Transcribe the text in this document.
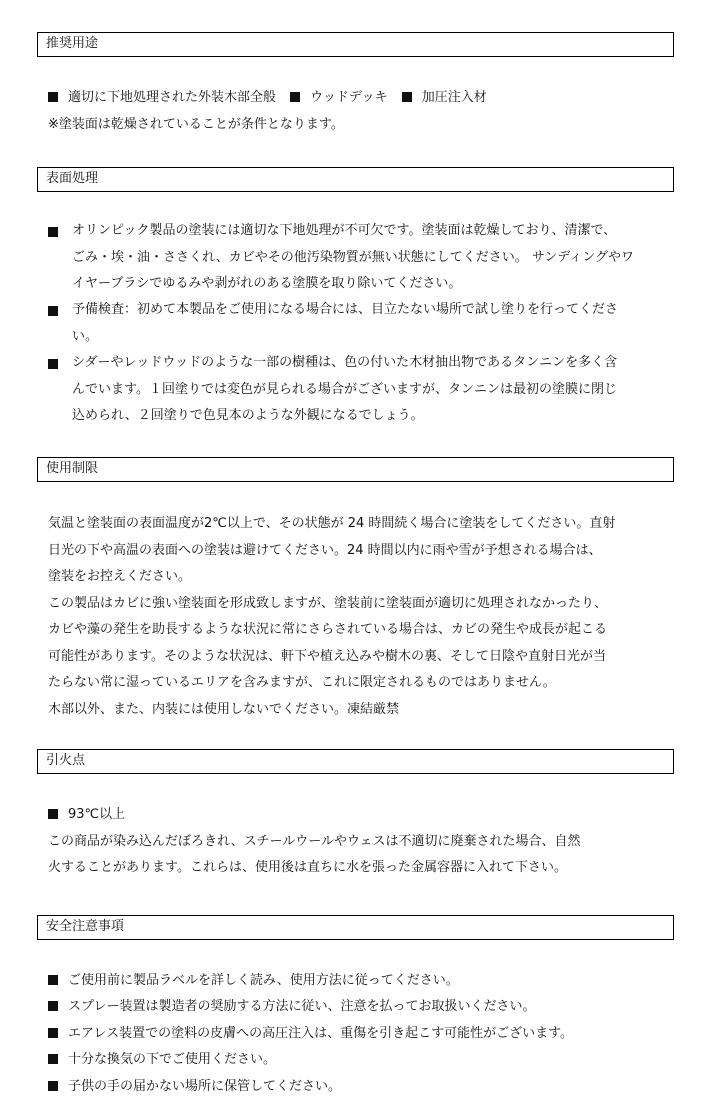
推奨用途
適切に下地処理された外装木部全般	ウッドデッキ	加圧注入材
※塗装面は乾燥されていることが条件となります。
表面処理
オリンピック製品の塗装には適切な下地処理が不可欠です。塗装面は乾燥しており、清潔で、
ごみ・埃・油・ささくれ、カビやその他汚染物質が無い状態にしてください。 サンディングやワ
イヤーブラシでゆるみや剥がれのある塗膜を取り除いてください。
予備検査：初めて本製品をご使用になる場合には、目立たない場所で試し塗りを行ってくださ
い。
シダーやレッドウッドのような一部の樹種は、色の付いた木材抽出物であるタンニンを多く含
んでいます。１回塗りでは変色が見られる場合がございますが、タンニンは最初の塗膜に閉じ
込められ、２回塗りで色見本のような外観になるでしょう。
使用制限
気温と塗装面の表面温度が2℃以上で、その状態が 24 時間続く場合に塗装をしてください。直射
日光の下や高温の表面への塗装は避けてください。24 時間以内に雨や雪が予想される場合は、
塗装をお控えください。
この製品はカビに強い塗装面を形成致しますが、塗装前に塗装面が適切に処理されなかったり、
カビや藻の発生を助長するような状況に常にさらされている場合は、カビの発生や成長が起こる
可能性があります。そのような状況は、軒下や植え込みや樹木の裏、そして日陰や直射日光が当
たらない常に湿っているエリアを含みますが、これに限定されるものではありません。
木部以外、また、内装には使用しないでください。凍結厳禁
引火点
93℃以上
この商品が染み込んだぼろきれ、スチールウールやウェスは不適切に廃棄された場合、自然
火することがあります。これらは、使用後は直ちに水を張った金属容器に入れて下さい。
安全注意事項
ご使用前に製品ラベルを詳しく読み、使用方法に従ってください。
スプレー装置は製造者の奨励する方法に従い、注意を払ってお取扱いください。
エアレス装置での塗料の皮膚への高圧注入は、重傷を引き起こす可能性がございます。
十分な換気の下でご使用ください。
子供の手の届かない場所に保管してください。
